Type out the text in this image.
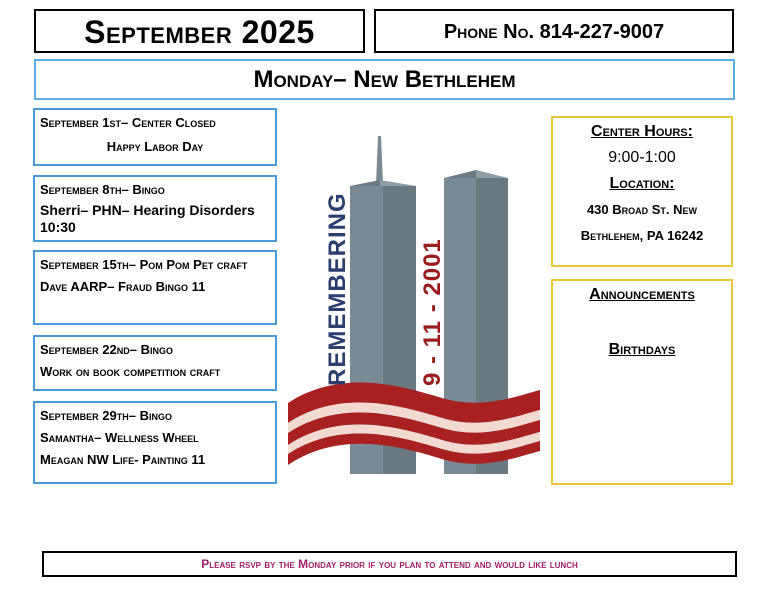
September 2025	Phone No. 814-227-9007
Monday– New Bethlehem
September 1st– Center Closed
Happy Labor Day
September 8th– Bingo
Sherri– PHN– Hearing Disorders 10:30
September 15th– Pom Pom Pet craft
Dave AARP– Fraud Bingo 11
September 22nd– Bingo
Work on book competition craft
September 29th– Bingo
Samantha– Wellness Wheel
Meagan NW Life- Painting 11
REMEMBERING	9 - 11 - 2001
Center Hours:
9:00-1:00
Location:
430 Broad St. New
Bethlehem, PA 16242
Announcements
Birthdays
Please rsvp by the Monday prior if you plan to attend and would like lunch
